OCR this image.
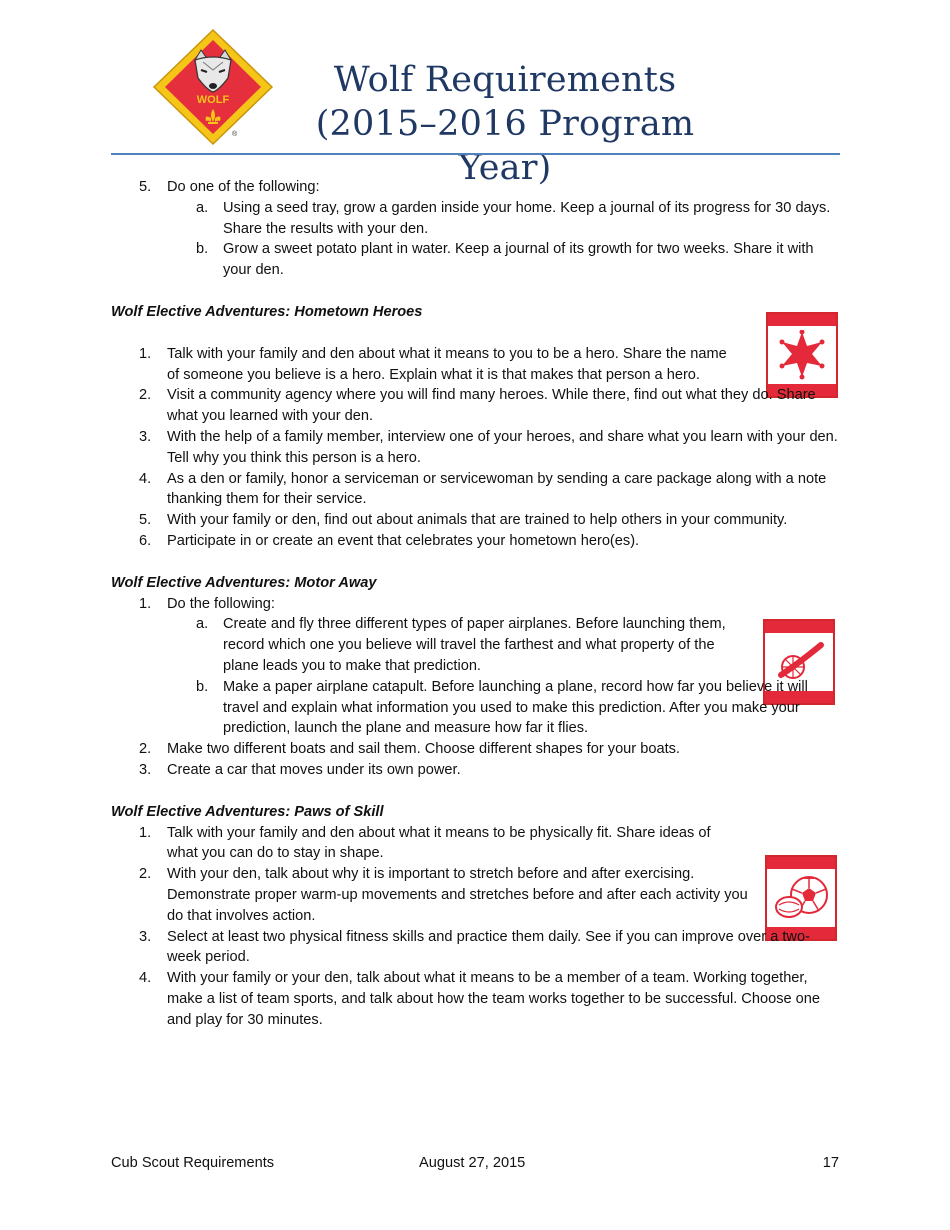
WOLF
®
Wolf Requirements
(2015–2016 Program Year)
5.	Do one of the following:
a.	Using a seed tray, grow a garden inside your home. Keep a journal of its progress for 30 days. Share the results with your den.
b.	Grow a sweet potato plant in water. Keep a journal of its growth for two weeks. Share it with your den.
Wolf Elective Adventures: Hometown Heroes
1.	Talk with your family and den about what it means to you to be a hero. Share the name of someone you believe is a hero. Explain what it is that makes that person a hero.
2.	Visit a community agency where you will find many heroes. While there, find out what they do. Share what you learned with your den.
3.	With the help of a family member, interview one of your heroes, and share what you learn with your den. Tell why you think this person is a hero.
4.	As a den or family, honor a serviceman or servicewoman by sending a care package along with a note thanking them for their service.
5.	With your family or den, find out about animals that are trained to help others in your community.
6.	Participate in or create an event that celebrates your hometown hero(es).
Wolf Elective Adventures: Motor Away
1.	Do the following:
a.	Create and fly three different types of paper airplanes. Before launching them, record which one you believe will travel the farthest and what property of the plane leads you to make that prediction.
b.	Make a paper airplane catapult. Before launching a plane, record how far you believe it will travel and explain what information you used to make this prediction. After you make your prediction, launch the plane and measure how far it flies.
2.	Make two different boats and sail them. Choose different shapes for your boats.
3.	Create a car that moves under its own power.
Wolf Elective Adventures: Paws of Skill
1.	Talk with your family and den about what it means to be physically fit. Share ideas of what you can do to stay in shape.
2.	With your den, talk about why it is important to stretch before and after exercising. Demonstrate proper warm-up movements and stretches before and after each activity you do that involves action.
3.	Select at least two physical fitness skills and practice them daily. See if you can improve over a two-week period.
4.	With your family or your den, talk about what it means to be a member of a team. Working together, make a list of team sports, and talk about how the team works together to be successful. Choose one and play for 30 minutes.
Cub Scout Requirements	August 27, 2015	17
